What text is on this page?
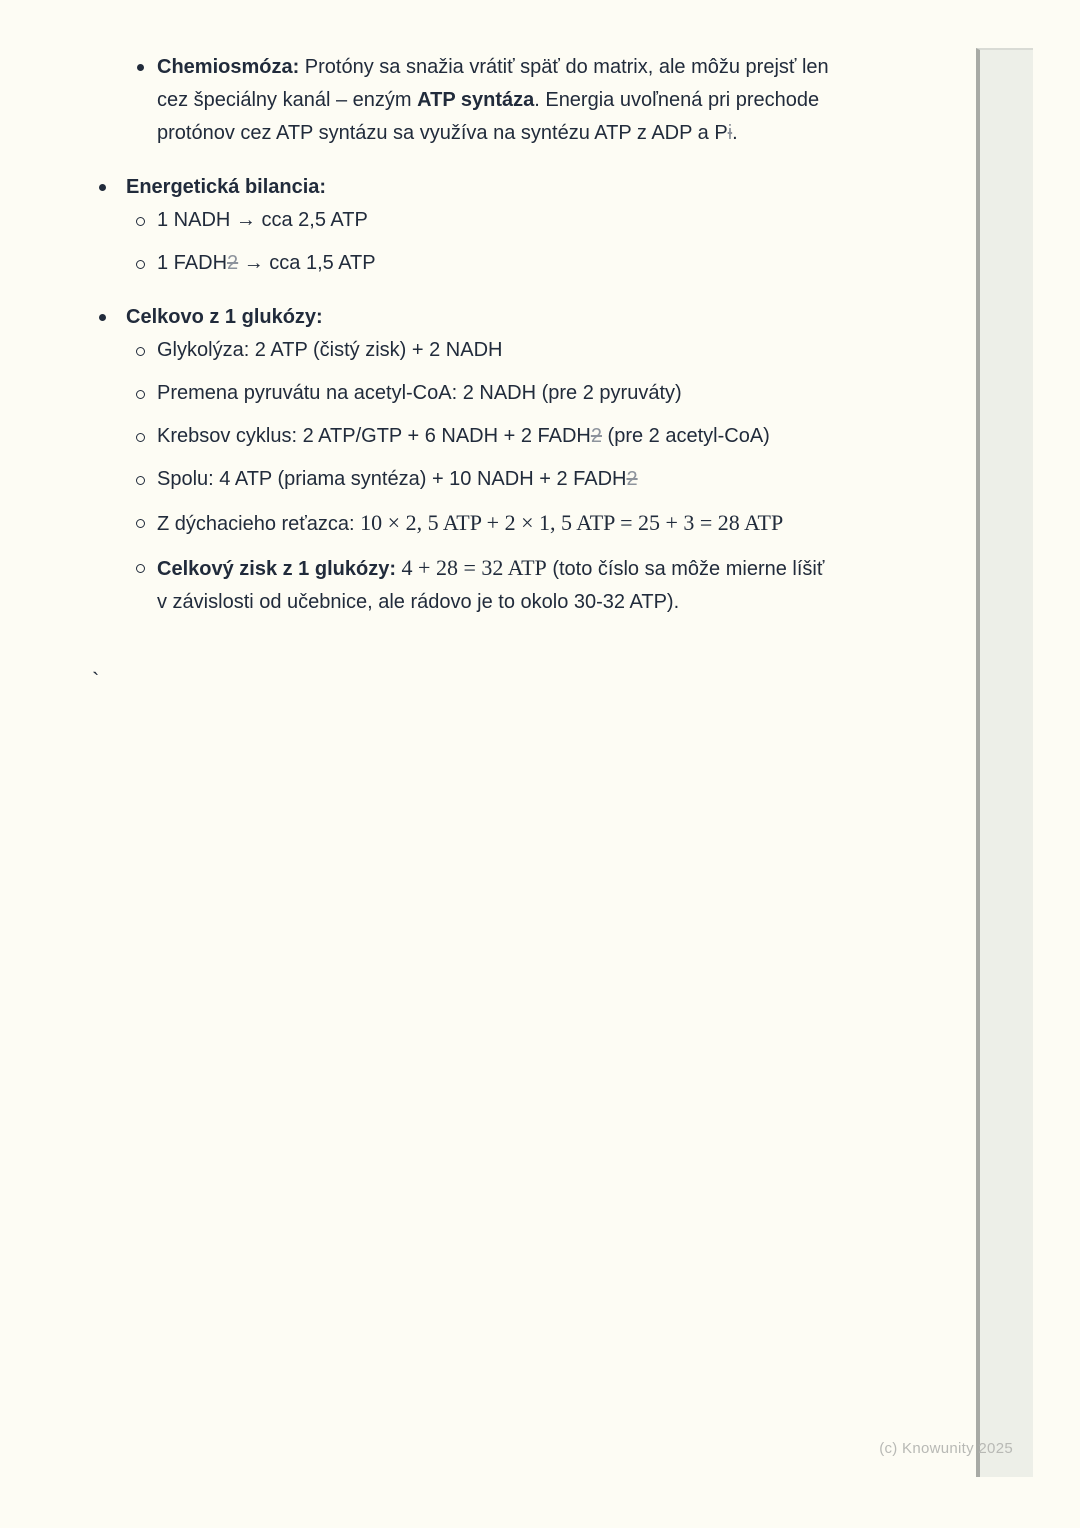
Chemiosmóza: Protóny sa snažia vrátiť späť do matrix, ale môžu prejsť len cez špeciálny kanál – enzým ATP syntáza. Energia uvoľnená pri prechode protónov cez ATP syntázu sa využíva na syntézu ATP z ADP a Pi.
Energetická bilancia:
1 NADH → cca 2,5 ATP
1 FADH2 → cca 1,5 ATP
Celkovo z 1 glukózy:
Glykolýza: 2 ATP (čistý zisk) + 2 NADH
Premena pyruvátu na acetyl-CoA: 2 NADH (pre 2 pyruváty)
Krebsov cyklus: 2 ATP/GTP + 6 NADH + 2 FADH2 (pre 2 acetyl-CoA)
Spolu: 4 ATP (priama syntéza) + 10 NADH + 2 FADH2
Z dýchacieho reťazca: 10 × 2, 5 ATP + 2 × 1, 5 ATP = 25 + 3 = 28 ATP
Celkový zisk z 1 glukózy: 4 + 28 = 32 ATP (toto číslo sa môže mierne líšiť v závislosti od učebnice, ale rádovo je to okolo 30-32 ATP).
`
(c) Knowunity 2025
